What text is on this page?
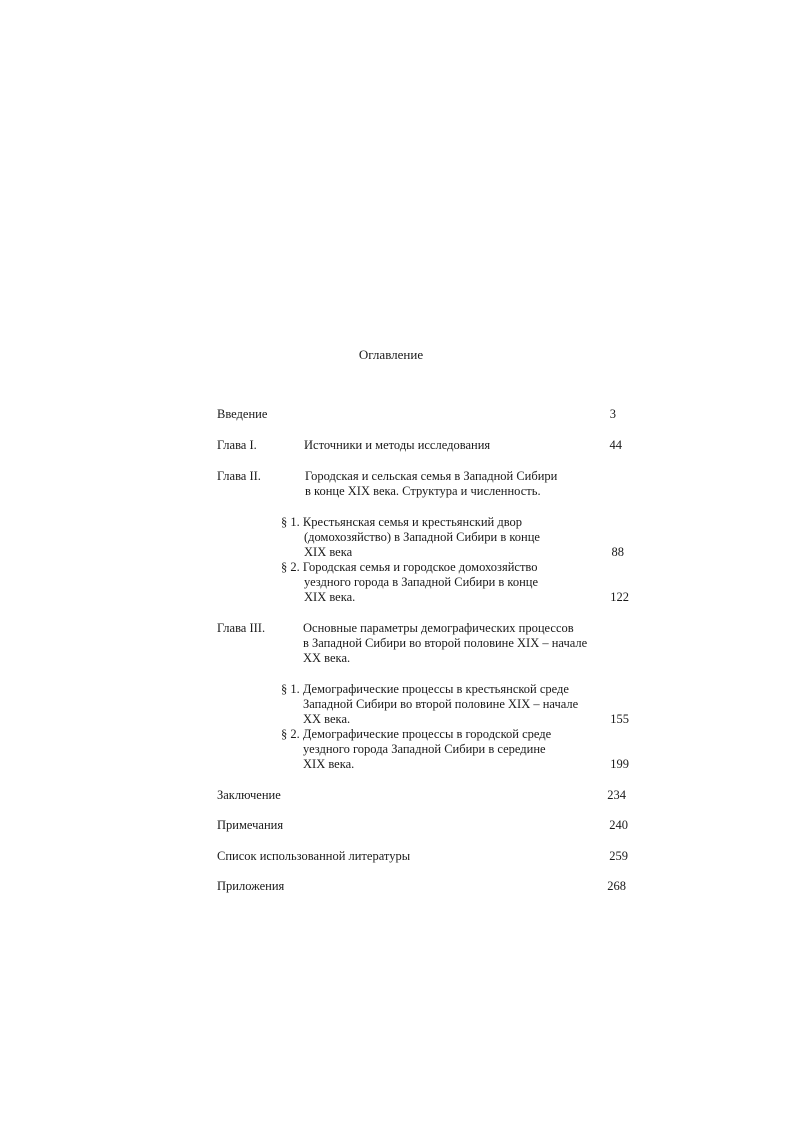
Оглавление
Введение	3
Глава I.	Источники и методы исследования	44
Глава II.	Городская и сельская семья в Западной Сибири
в конце XIX века. Структура и численность.
§ 1. Крестьянская семья и крестьянский двор
(домохозяйство) в Западной Сибири в конце
XIX века	88
§ 2. Городская семья и городское домохозяйство
уездного города в Западной Сибири в конце
XIX века.	122
Глава III.	Основные параметры демографических процессов
в Западной Сибири во второй половине XIX – начале
XX века.
§ 1. Демографические процессы в крестьянской среде
Западной Сибири во второй половине XIX – начале
XX века.	155
§ 2. Демографические процессы в городской среде
уездного города Западной Сибири в середине
XIX века.	199
Заключение	234
Примечания	240
Список использованной литературы	259
Приложения	268
